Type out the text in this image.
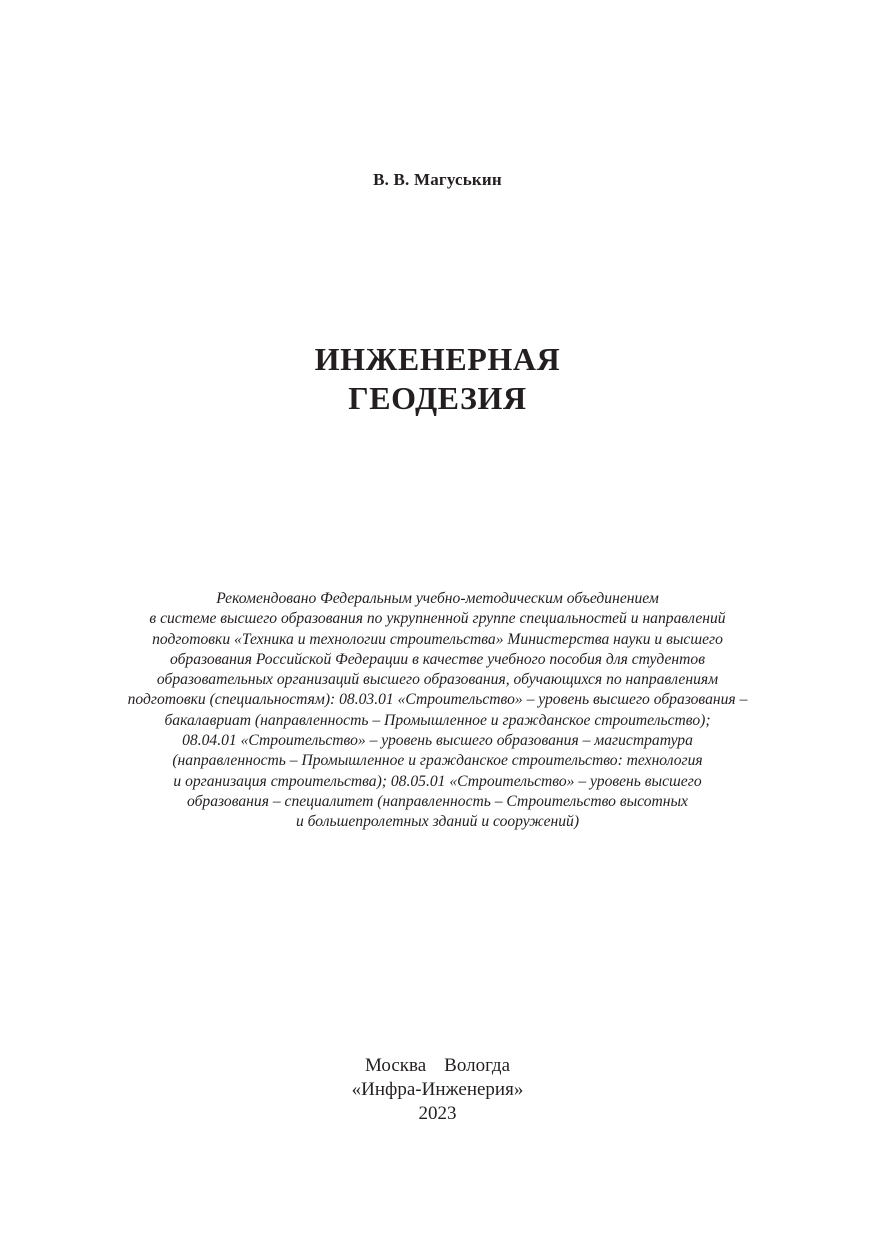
В. В. Магуськин
ИНЖЕНЕРНАЯ
ГЕОДЕЗИЯ
Рекомендовано Федеральным учебно-методическим объединением
в системе высшего образования по укрупненной группе специальностей и направлений
подготовки «Техника и технологии строительства» Министерства науки и высшего
образования Российской Федерации в качестве учебного пособия для студентов
образовательных организаций высшего образования, обучающихся по направлениям
подготовки (специальностям): 08.03.01 «Строительство» – уровень высшего образования –
бакалавриат (направленность – Промышленное и гражданское строительство);
08.04.01 «Строительство» – уровень высшего образования – магистратура
(направленность – Промышленное и гражданское строительство: технология
и организация строительства); 08.05.01 «Строительство» – уровень высшего
образования – специалитет (направленность – Строительство высотных
и большепролетных зданий и сооружений)
Москва Вологда
«Инфра-Инженерия»
2023
